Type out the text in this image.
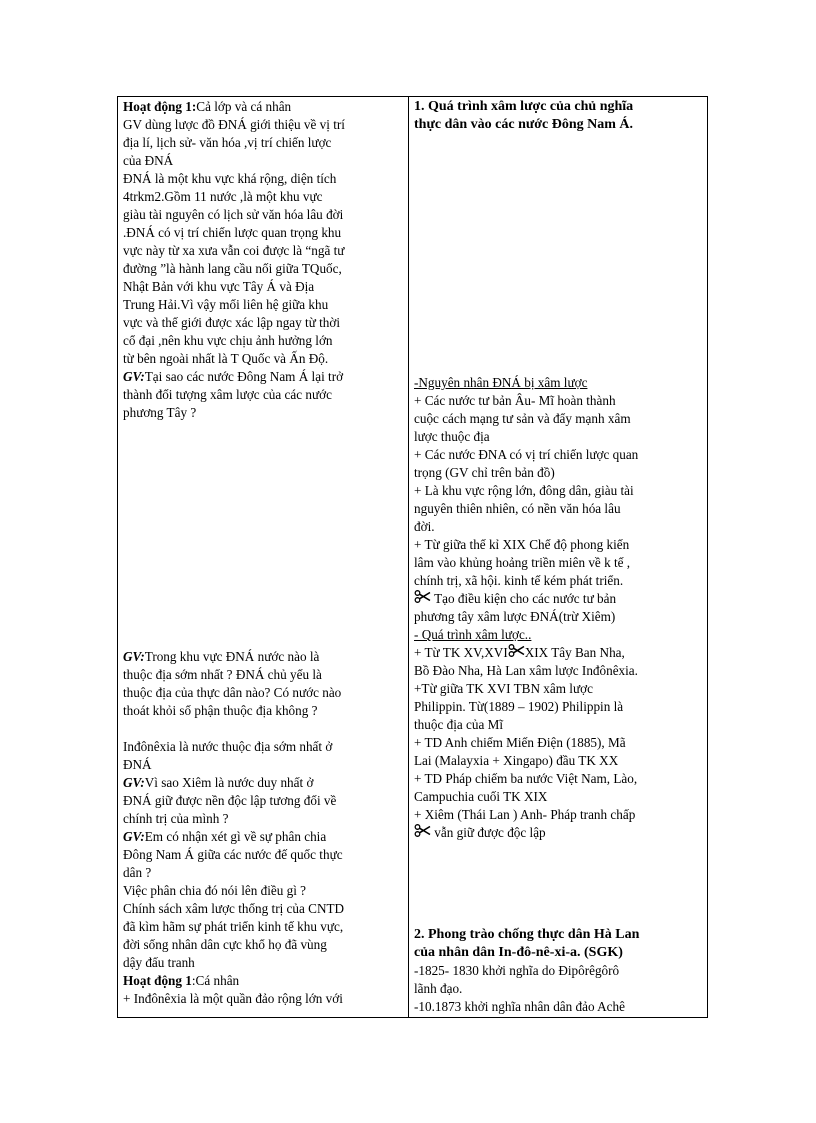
Hoạt động 1:Cả lớp và cá nhân
GV dùng lược đồ ĐNÁ giới thiệu về vị trí
địa lí, lịch sử- văn hóa ,vị trí chiến lược
của ĐNÁ
ĐNÁ là một khu vực khá rộng, diện tích
4trkm2.Gồm 11 nước ,là một khu vực
giàu tài nguyên có lịch sử văn hóa lâu đời
.ĐNÁ có vị trí chiến lược quan trọng khu
vực này từ xa xưa vẫn coi được là “ngã tư
đường ”là hành lang cầu nối giữa TQuốc,
Nhật Bản với khu vực Tây Á và Địa
Trung Hải.Vì vậy mối liên hệ giữa khu
vực và thế giới được xác lập ngay từ thời
cổ đại ,nên khu vực chịu ảnh hưởng lớn
từ bên ngoài nhất là T Quốc và Ấn Độ.
GV:Tại sao các nước Đông Nam Á lại trở
thành đối tượng xâm lược của các nước
phương Tây ?
GV:Trong khu vực ĐNÁ nước nào là
thuộc địa sớm nhất ? ĐNÁ chủ yếu là
thuộc địa của thực dân nào? Có nước nào
thoát khỏi số phận thuộc địa không ?
Inđônêxia là nước thuộc địa sớm nhất ở
ĐNÁ
GV:Vì sao Xiêm là nước duy nhất ở
ĐNÁ giữ được nền độc lập tương đối về
chính trị của mình ?
GV:Em có nhận xét gì về sự phân chia
Đông Nam Á giữa các nước đế quốc thực
dân ?
Việc phân chia đó nói lên điều gì ?
Chính sách xâm lược thống trị của CNTD
đã kìm hãm sự phát triển kinh tế khu vực,
đời sống nhân dân cực khổ họ đã vùng
dậy đấu tranh
Hoạt động 1:Cá nhân
+ Inđônêxia là một quần đảo rộng lớn với
1. Quá trình xâm lược của chủ nghĩa
thực dân vào các nước Đông Nam Á.
-Nguyên nhân ĐNÁ bị xâm lược
+ Các nước tư bản Âu- Mĩ hoàn thành
cuộc cách mạng tư sản và đẩy mạnh xâm
lược thuộc địa
+ Các nước ĐNA có vị trí chiến lược quan
trọng (GV chỉ trên bản đồ)
+ Là khu vực rộng lớn, đông dân, giàu tài
nguyên thiên nhiên, có nền văn hóa lâu
đời.
+ Từ giữa thế kỉ XIX Chế độ phong kiến
lâm vào khủng hoảng triền miên về k tế ,
chính trị, xã hội. kinh tế kém phát triển.
Tạo điều kiện cho các nước tư bản
phương tây xâm lược ĐNÁ(trừ Xiêm)
- Quá trình xâm lược..
+ Từ TK XV,XVI XIX Tây Ban Nha,
Bồ Đào Nha, Hà Lan xâm lược Inđônêxia.
+Từ giữa TK XVI TBN xâm lược
Philippin. Từ(1889 – 1902) Philippin là
thuộc địa của Mĩ
+ TD Anh chiếm Miến Điện (1885), Mã
Lai (Malayxia + Xingapo) đầu TK XX
+ TD Pháp chiếm ba nước Việt Nam, Lào,
Campuchia cuối TK XIX
+ Xiêm (Thái Lan ) Anh- Pháp tranh chấp
vẫn giữ được độc lập
2. Phong trào chống thực dân Hà Lan
của nhân dân In-đô-nê-xi-a. (SGK)
-1825- 1830 khởi nghĩa do Đipôrêgôrô
lãnh đạo.
-10.1873 khởi nghĩa nhân dân đảo Achê
